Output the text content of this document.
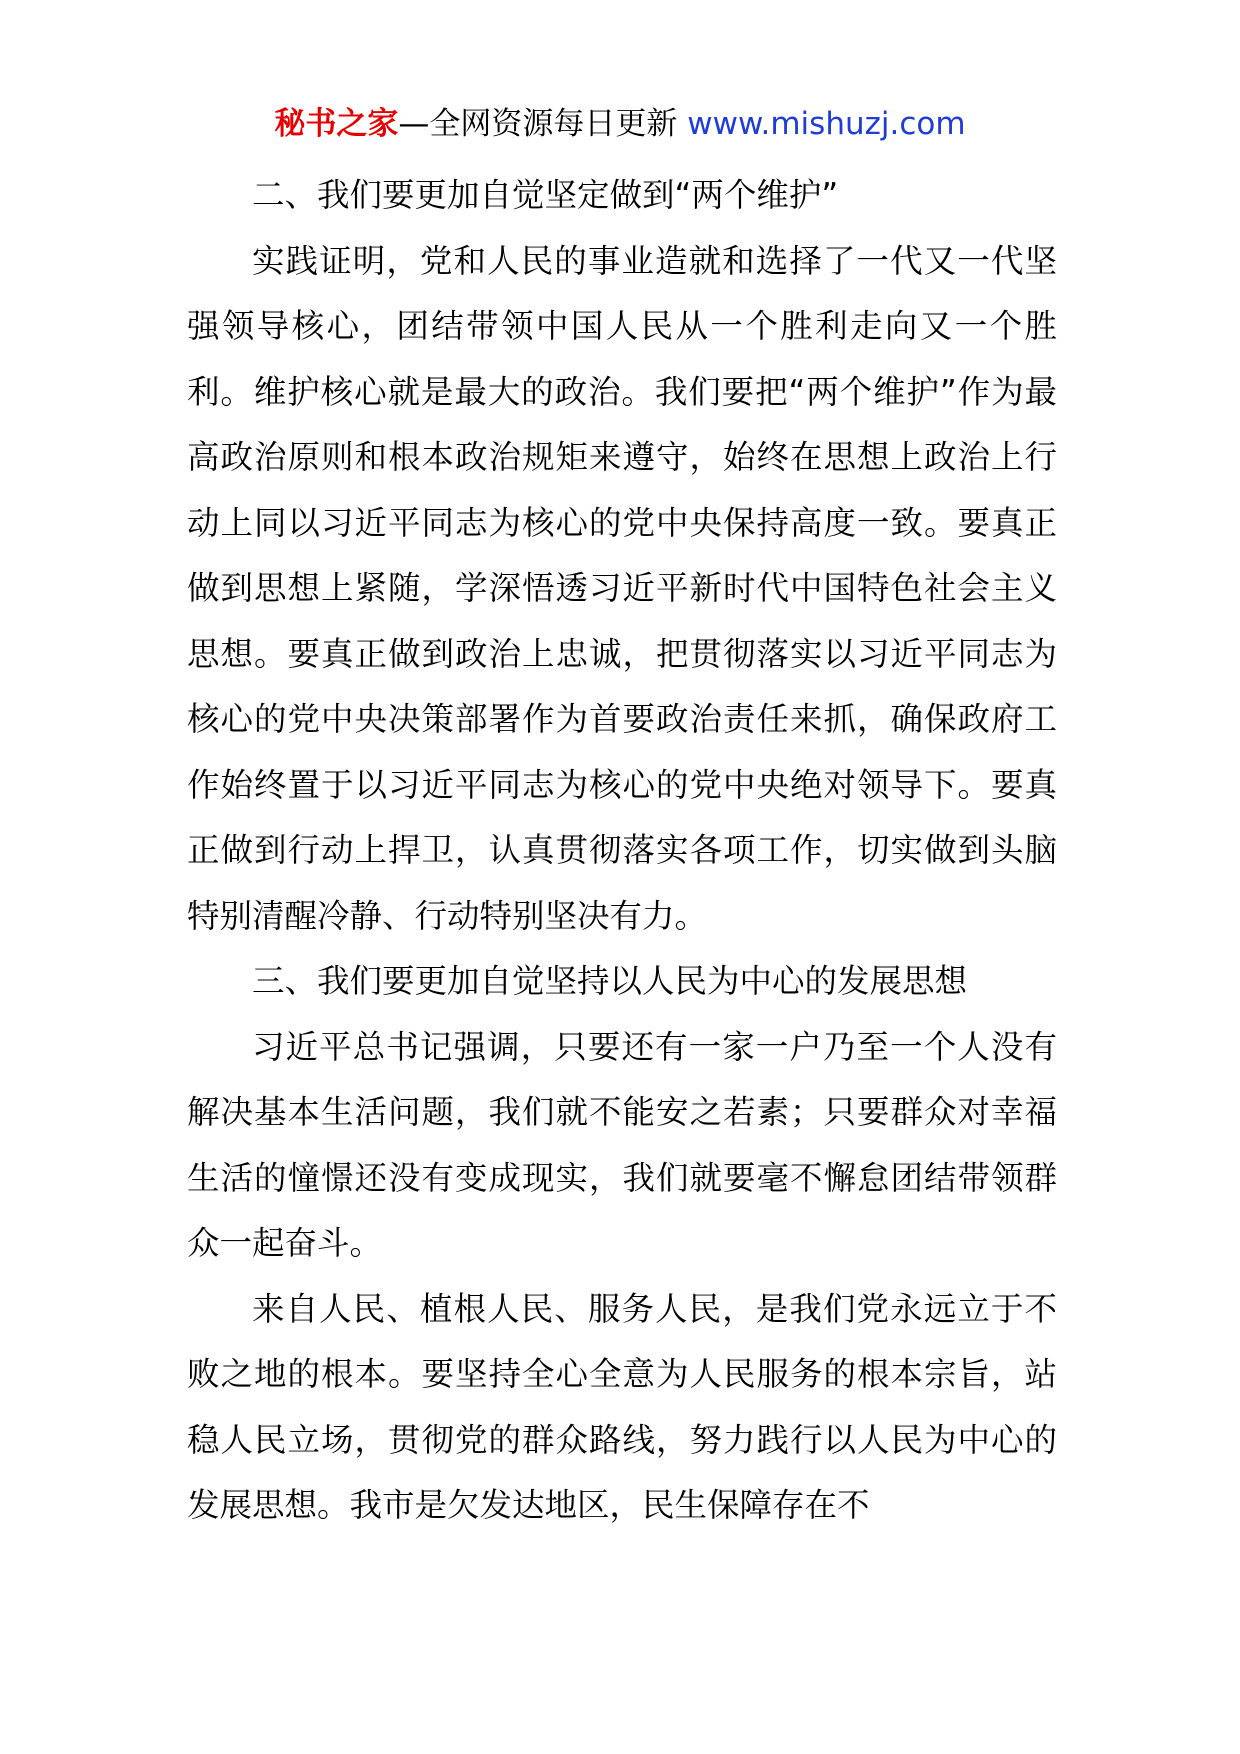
秘书之家—全网资源每日更新 www.mishuzj.com

二、我们要更加自觉坚定做到“两个维护”

实践证明，党和人民的事业造就和选择了一代又一代坚强领导核心，团结带领中国人民从一个胜利走向又一个胜利。维护核心就是最大的政治。我们要把“两个维护”作为最高政治原则和根本政治规矩来遵守，始终在思想上政治上行动上同以习近平同志为核心的党中央保持高度一致。要真正做到思想上紧随，学深悟透习近平新时代中国特色社会主义思想。要真正做到政治上忠诚，把贯彻落实以习近平同志为核心的党中央决策部署作为首要政治责任来抓，确保政府工作始终置于以习近平同志为核心的党中央绝对领导下。要真正做到行动上捍卫，认真贯彻落实各项工作，切实做到头脑特别清醒冷静、行动特别坚决有力。

三、我们要更加自觉坚持以人民为中心的发展思想

习近平总书记强调，只要还有一家一户乃至一个人没有解决基本生活问题，我们就不能安之若素；只要群众对幸福生活的憧憬还没有变成现实，我们就要毫不懈怠团结带领群众一起奋斗。

来自人民、植根人民、服务人民，是我们党永远立于不败之地的根本。要坚持全心全意为人民服务的根本宗旨，站稳人民立场，贯彻党的群众路线，努力践行以人民为中心的发展思想。我市是欠发达地区，民生保障存在不
